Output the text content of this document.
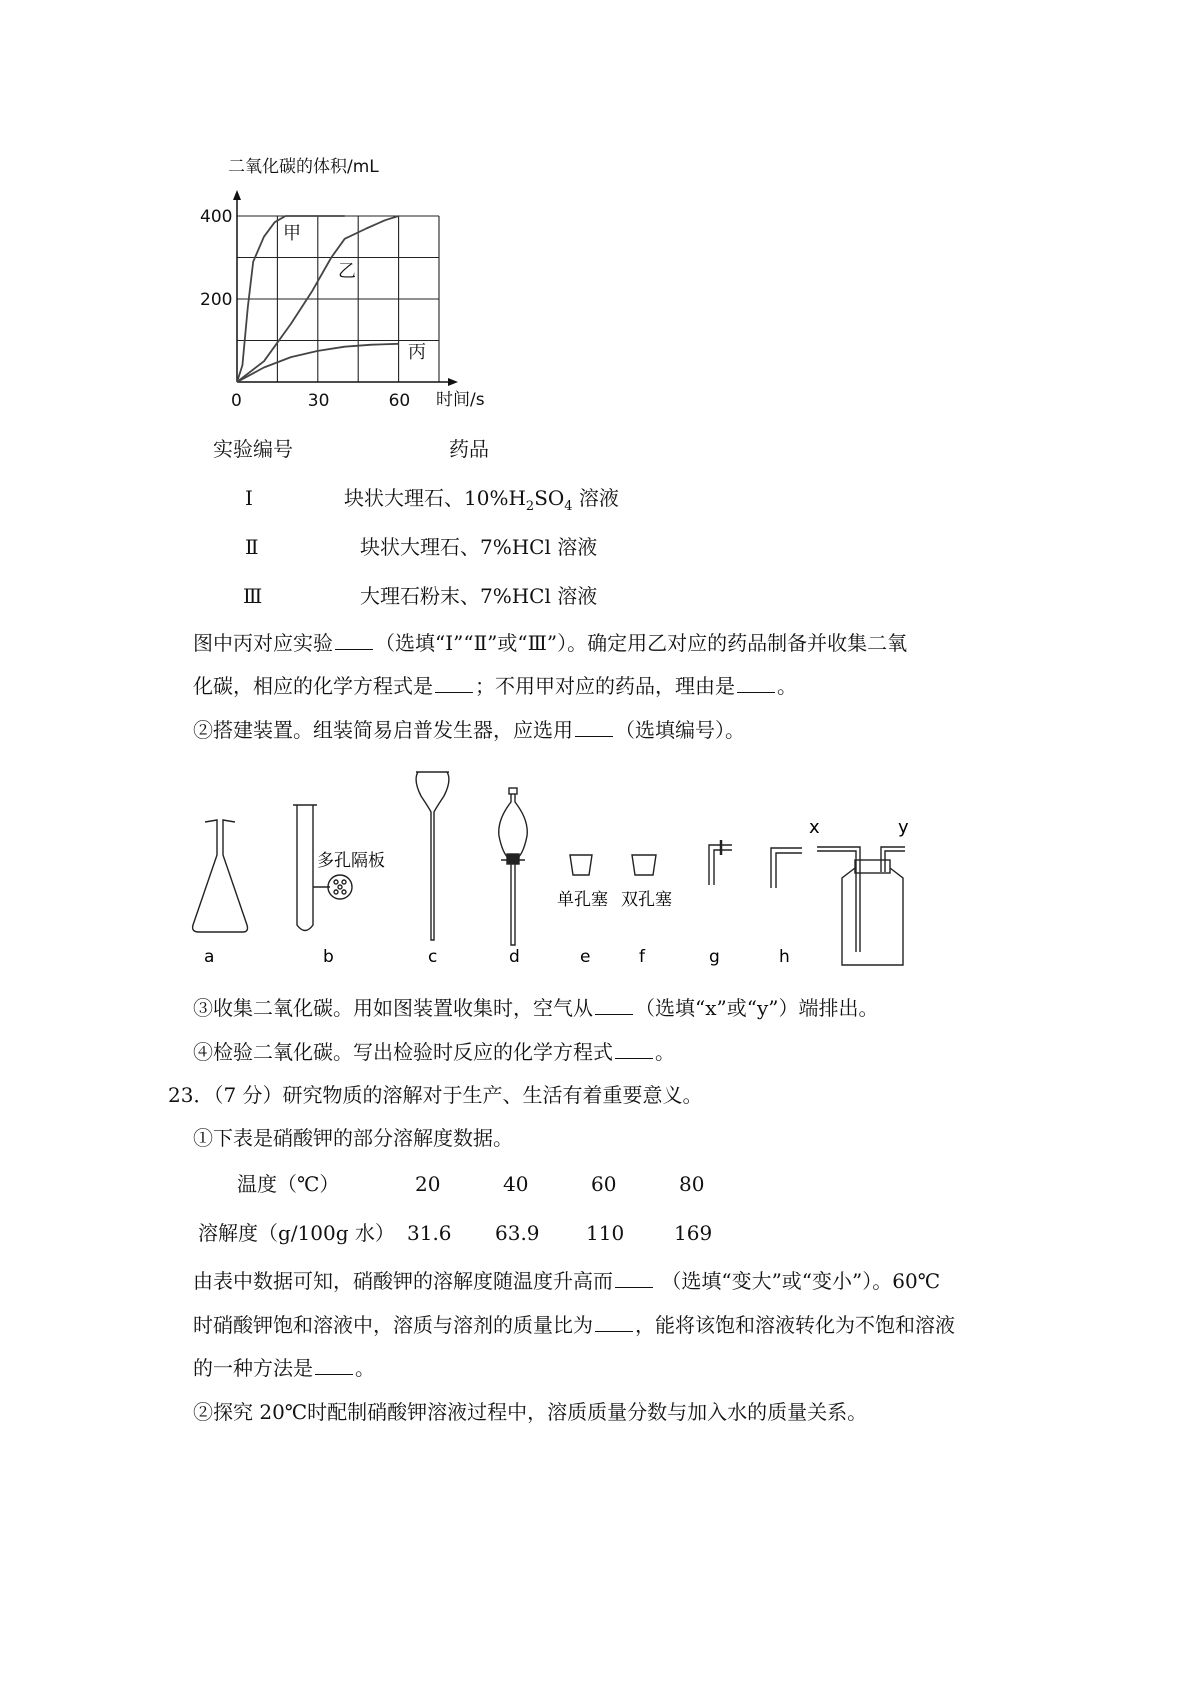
二氧化碳的体积/mL
0	30	60
200
400
时间/s
甲
乙
丙
实验编号	药品
Ⅰ	块状大理石、$10\%H_2SO_4$ 溶液
Ⅱ	块状大理石、7%HCl 溶液
Ⅲ	大理石粉末、7%HCl 溶液
图中丙对应实验 （选填“I”“Ⅱ”或“Ⅲ”）。确定用乙对应的药品制备并收集二氧
化碳，相应的化学方程式是 ；不用甲对应的药品，理由是 。
②搭建装置。组装简易启普发生器，应选用 （选填编号）。
x	y
多孔隔板
单孔塞 双孔塞
a	b	c	d	e	f	g	h
③收集二氧化碳。用如图装置收集时，空气从 （选填“x”或“y”）端排出。
④检验二氧化碳。写出检验时反应的化学方程式 。
23．（7 分）研究物质的溶解对于生产、生活有着重要意义。
①下表是硝酸钾的部分溶解度数据。
温度（℃）	20	40	60	80
溶解度（g/100g 水） 31.6 63.9 110 169
由表中数据可知，硝酸钾的溶解度随温度升高而 （选填“变大”或“变小”）。60℃
时硝酸钾饱和溶液中，溶质与溶剂的质量比为 ，能将该饱和溶液转化为不饱和溶液
的一种方法是 。
②探究 20℃时配制硝酸钾溶液过程中，溶质质量分数与加入水的质量关系。
